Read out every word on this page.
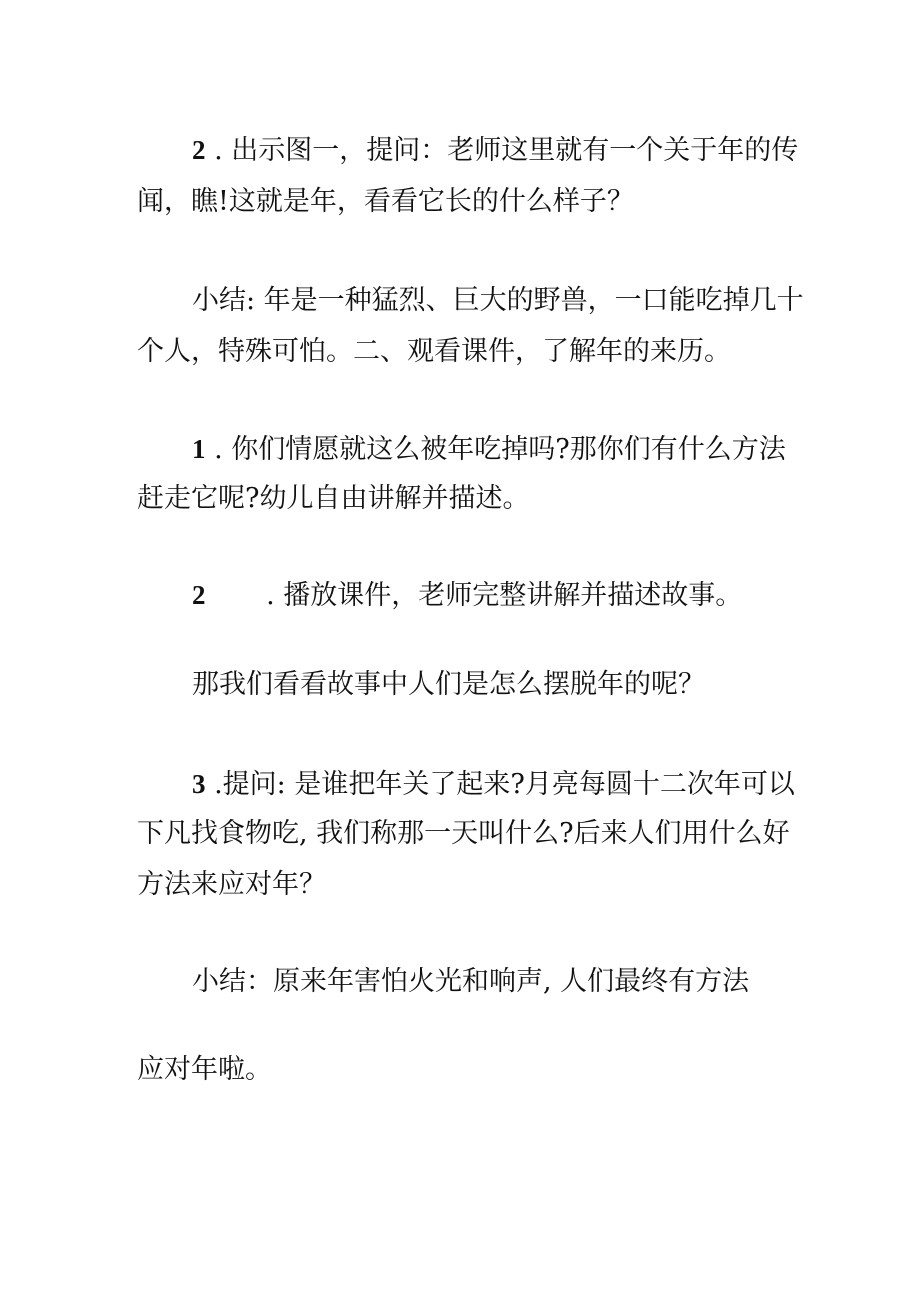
2 . 出示图一，提问：老师这里就有一个关于年的传
闻，瞧!这就是年，看看它长的什么样子？
小结: 年是一种猛烈、巨大的野兽，一口能吃掉几十
个人，特殊可怕。二、观看课件，了解年的来历。
1 . 你们情愿就这么被年吃掉吗?那你们有什么方法
赶走它呢?幼儿自由讲解并描述。
2 . 播放课件，老师完整讲解并描述故事。
那我们看看故事中人们是怎么摆脱年的呢？
3 .提问: 是谁把年关了起来?月亮每圆十二次年可以
下凡找食物吃, 我们称那一天叫什么?后来人们用什么好
方法来应对年？
小结：原来年害怕火光和响声, 人们最终有方法
应对年啦。
